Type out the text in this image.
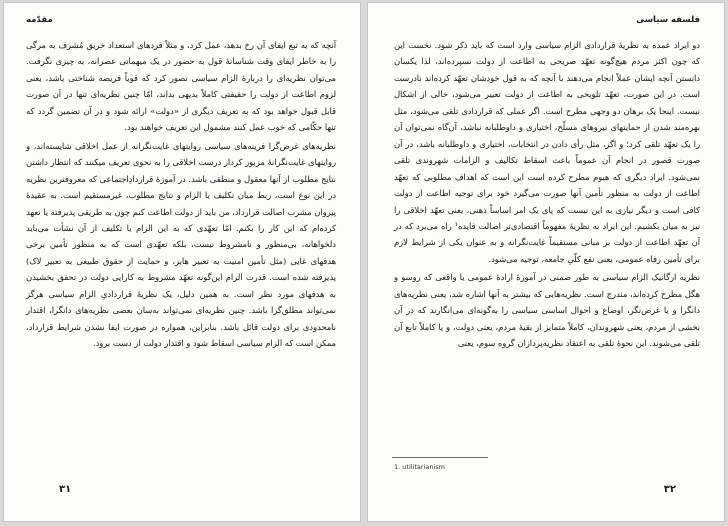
مقدّمه

آنچه که به تبع ایفای آن رخ بدهد، عمل کرد، و مثلاً فردهای استعداد خریق مُشرف به مرگی را به خاطر ایفای وقت شناسانهٔ قول به حضور در یک میهمانی عصرانه، به چیزی نگرفت. می‌توان نظریه‌ای را دربارهٔ الزام سیاسی تصور کرد که قویاً فریضه شناختی باشد، یعنی لزوم اطاعت از دولت را حقیقتی کاملاً بدیهی بداند، امّا چنین نظریه‌ای تنها در آن صورت قابل قبول خواهد بود که به تعریف دیگری از «دولت» ارائه شود و در آن تضمین گردد که تنها حکّامی که خوب عمل کنند مشمول این تعریف خواهند بود.

نظریه‌های غرض‌گرا فرینه‌های سیاسی روایتهای غایت‌نگرانه از عمل اخلاقی شایسته‌اند، و روایتهای غایت‌نگرانهٔ مزبور کردار درست اخلاقی را به نحوی تعریف میکنند که انتظار داشتن نتایج مطلوب از آنها معقول و منطقی باشد. در آموزهٔ قراردادِاجتماعی که معروفترین نظریه در این نوع است، ربط میان تکلیف یا الزام و نتایج مطلوب، غیرمستقیم است. به عقیدهٔ پیروان مشرب اصالت قرارداد، من باید از دولت اطاعت کنم چون به طریقی پذیرفته یا تعهد کرده‌ام که این کار را بکنم. امّا تعهّدی که به این الزام یا تکلیف از آن نشأت می‌باید دلخواهانه، بی‌منظور و نامشروط نیست، بلکه تعهّدی است که به منظور تأمین برخی هدفهای غایی (مثل تأمین امنیت به تعبیر هابز، و حمایت از حقوق طبیعی به تعبیر لاک) پذیرفته شده است. قدرت الزام این‌گونه تعهّد مشروط به کارایی دولت در تحقق بخشیدن به هدفهای مورد نظر است. به همین دلیل، یک نظریهٔ قراردادیِ الزام سیاسی هرگز نمی‌تواند مطلق‌گرا باشد. چنین نظریه‌ای نمی‌تواند به‌سان بعضی نظریه‌های دانگرا، اقتدار نامحدودی برای دولت قائل باشد. بنابراین، همواره در صورت ایفا نشدن شرایط قرارداد، ممکن است که الزام سیاسی اسقاط شود و اقتدار دولت از دست برود.

۳۱
فلسفه سیاسی

دو ایراد عمده به نظریهٔ قراردادی الزام سیاسی وارد است که باید ذکر شود. نخست این که چون اکثر مردم هیچ‌گونه تعهّد صریحی به اطاعت از دولت نسپرده‌اند، لذا یکسان دانستن آنچه ایشان عملاً انجام می‌دهند با آنچه که به قول خودشان تعهّد کرده‌اند نادرست است. در این صورت، تعهّد تلویحی به اطاعت از دولت تعبیر می‌شود، خالی از اشکال نیست. اینجا یک برهان دو وجهی مطرح است. اگر عملی که قراردادی تلقی می‌شود، مثل بهره‌مند شدن از حمایتهای نیروهای مسلّح، اختیاری و داوطلبانه نباشد، آن‌گاه نمی‌توان آن را یک تعهّد تلقی کرد؛ و اگر، مثل رأی دادن در انتخابات، اختیاری و داوطلبانه باشد، در آن صورت قصور در انجام آن عموماً باعث اسقاط تکالیف و الزامات شهروندی تلقی نمی‌شود. ایراد دیگری که هیوم مطرح کرده است این است که اهداف مطلوبی که تعهّد اطاعت از دولت به منظور تأمین آنها صورت می‌گیرد خود برای توجیه اطاعت از دولت کافی است و دیگر نیازی به این نیست که پای یک امر اساساً ذهنی، یعنی تعهّد اخلاقی را نیز به میان بکشیم. این ایراد به نظریهٔ مفهوماً اقتصادی‌تر اصالت فایده¹ راه می‌برد که در آن تعهّد اطاعت از دولت بر مبانی مستقیماً غایت‌نگرانه و به عنوان یکی از شرایط لازم برای تأمین رفاه عمومی، یعنی نفع کلّیِ جامعه، توجیه می‌شود.

نظریه ارگانیک الزام سیاسی به طور ضمنی در آموزهٔ ارادهٔ عمومی یا واقعی که روسو و هگل مطرح کرده‌اند، مندرج است. نظریه‌هایی که بیشتر به آنها اشاره شد، یعنی نظریه‌های دانگرا و یا غرض‌نگر، اوضاع و احوال اساسی سیاسی را به‌گونه‌ای می‌انگارند که در آن بخشی از مردم، یعنی شهروندان، کاملاً متمایز از بقیهٔ مردم، یعنی دولت، و یا کاملاً تابع آن تلقی می‌شوند. این نحوهٔ تلقی به اعتقاد نظریه‌پردازان گروه سوم، یعنی

1. utilitarianism
۳۲
